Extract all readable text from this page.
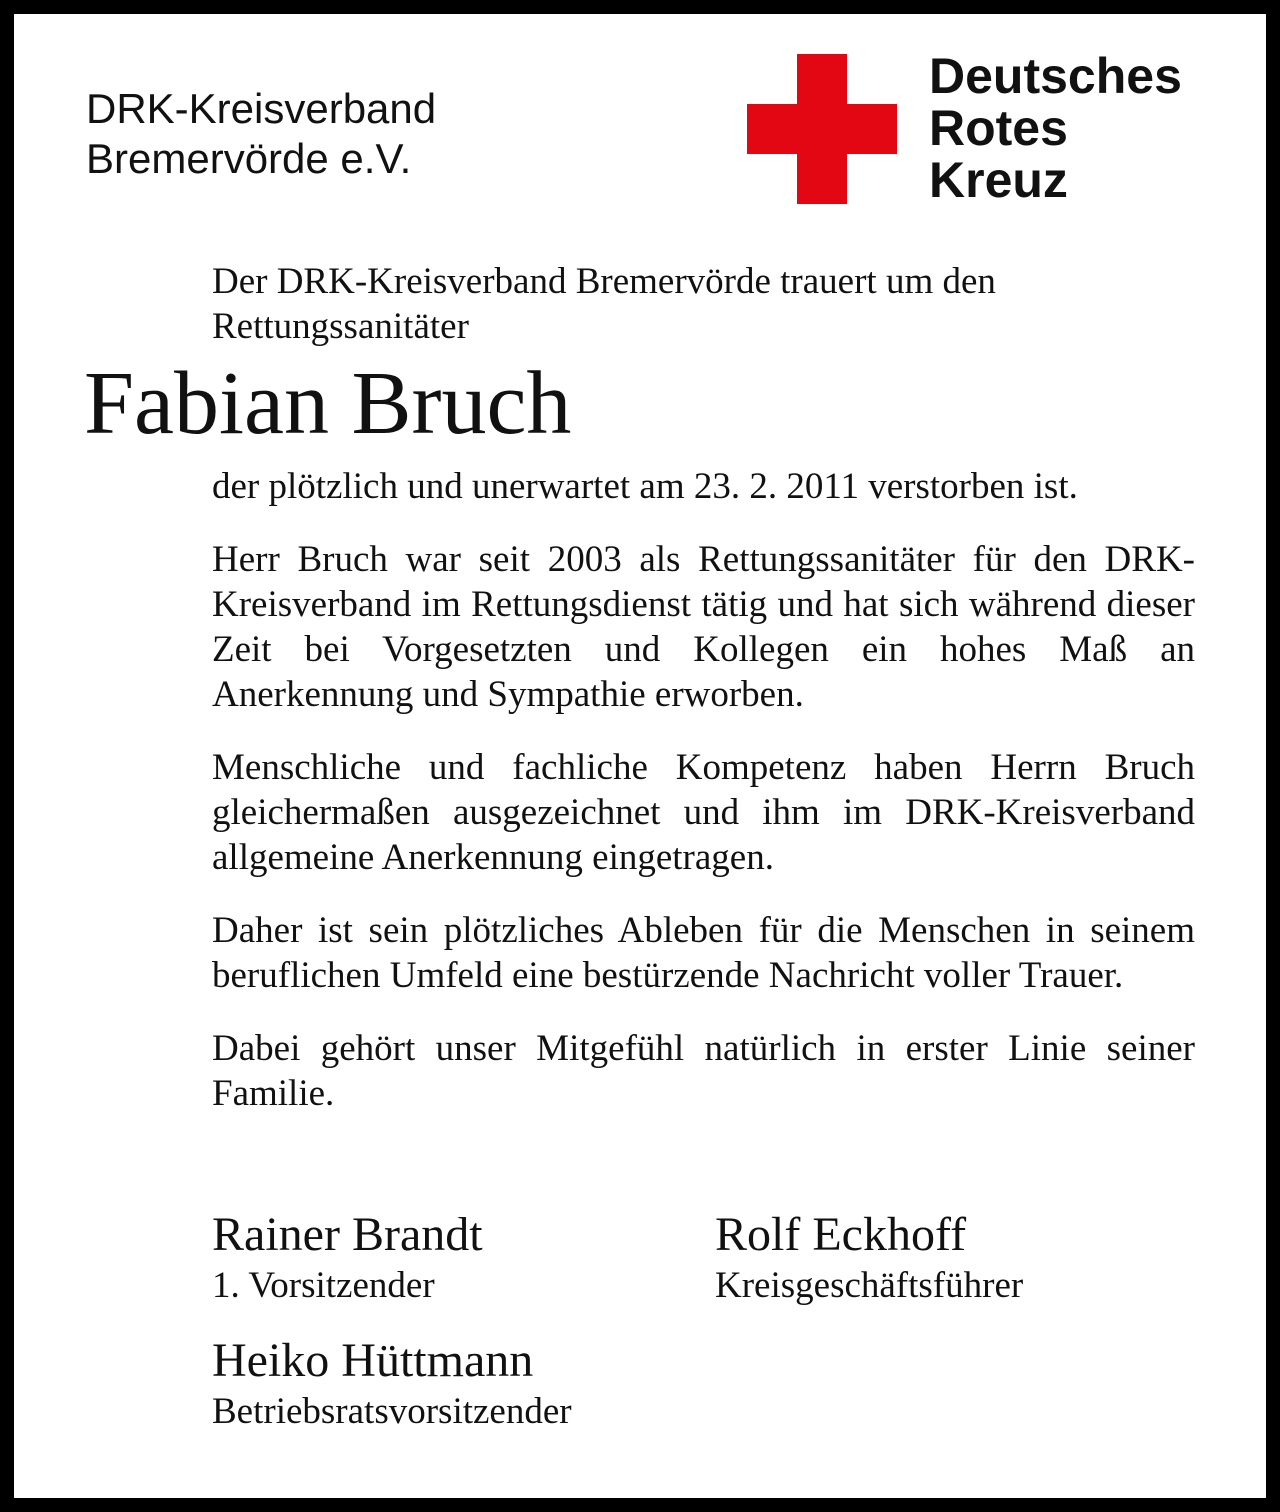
DRK-Kreisverband
Bremervörde e.V.
Deutsches
Rotes
Kreuz
Der DRK-Kreisverband Bremervörde trauert um den
Rettungssanitäter
Fabian Bruch

der plötzlich und unerwartet am 23. 2. 2011 verstorben ist.

Herr Bruch war seit 2003 als Rettungssanitäter für den DRK-Kreisverband im Rettungsdienst tätig und hat sich während dieser Zeit bei Vorgesetzten und Kollegen ein hohes Maß an Anerkennung und Sympathie erworben.

Menschliche und fachliche Kompetenz haben Herrn Bruch gleichermaßen ausgezeichnet und ihm im DRK-Kreisverband allgemeine Anerkennung eingetragen.

Daher ist sein plötzliches Ableben für die Menschen in seinem beruflichen Umfeld eine bestürzende Nachricht voller Trauer.

Dabei gehört unser Mitgefühl natürlich in erster Linie seiner Familie.

Rainer Brandt
1. Vorsitzender
Rolf Eckhoff
Kreisgeschäftsführer
Heiko Hüttmann
Betriebsratsvorsitzender
